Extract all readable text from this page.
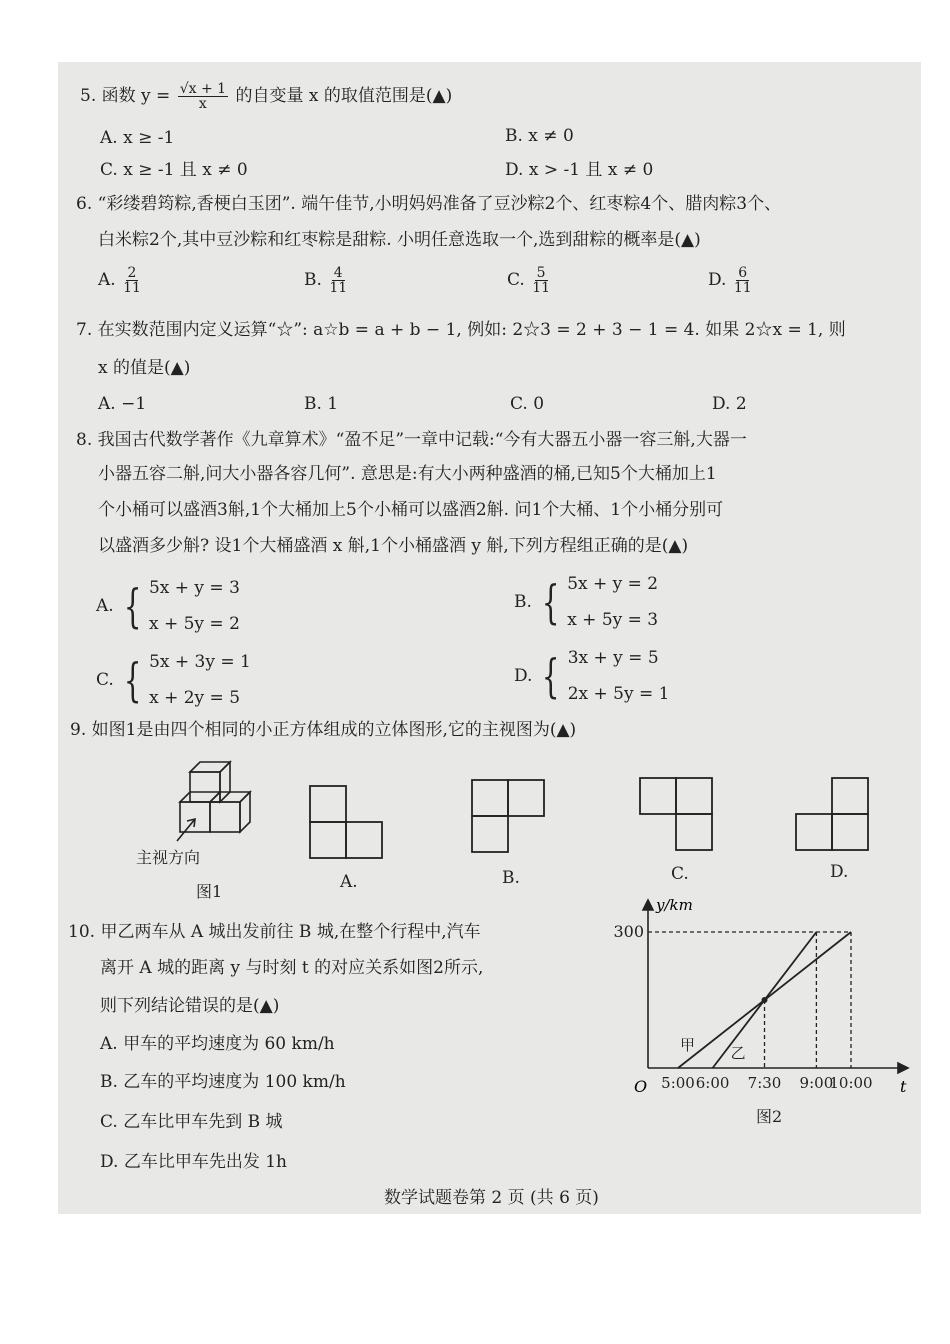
5. 函数 $y = \frac{√x + 1}{x}$ 的自变量 x 的取值范围是(▲)
A. x ≥ -1	B. x ≠ 0
C. x ≥ -1 且 x ≠ 0	D. x > -1 且 x ≠ 0
6. “彩缕碧筠粽,香梗白玉团”. 端午佳节,小明妈妈准备了豆沙粽2个、红枣粽4个、腊肉粽3个、
白米粽2个,其中豆沙粽和红枣粽是甜粽. 小明任意选取一个,选到甜粽的概率是(▲)
A. $\frac{2}{11}$	B. $\frac{4}{11}$	C. $\frac{5}{11}$	D. $\frac{6}{11}$
7. 在实数范围内定义运算“☆”: a☆b = a + b − 1, 例如: 2☆3 = 2 + 3 − 1 = 4. 如果 2☆x = 1, 则
x 的值是(▲)
A. −1	B. 1	C. 0	D. 2
8. 我国古代数学著作《九章算术》“盈不足”一章中记载:“今有大器五小器一容三斛,大器一
小器五容二斛,问大小器各容几何”. 意思是:有大小两种盛酒的桶,已知5个大桶加上1
个小桶可以盛酒3斛,1个大桶加上5个小桶可以盛酒2斛. 问1个大桶、1个小桶分别可
以盛酒多少斛? 设1个大桶盛酒 x 斛,1个小桶盛酒 y 斛,下列方程组正确的是(▲)
A. { 5x + y = 3
x + 5y = 2
B. { 5x + y = 2
x + 5y = 3
C. { 5x + 3y = 1
x + 2y = 5
D. { 3x + y = 5
2x + 5y = 1
9. 如图1是由四个相同的小正方体组成的立体图形,它的主视图为(▲)
主视方向
图1	A.	B.	C.	D.
10. 甲乙两车从 A 城出发前往 B 城,在整个行程中,汽车
离开 A 城的距离 y 与时刻 t 的对应关系如图2所示,
则下列结论错误的是(▲)
A. 甲车的平均速度为 60 km/h
B. 乙车的平均速度为 100 km/h
C. 乙车比甲车先到 B 城
D. 乙车比甲车先出发 1h
y/km
t
O 5:00 6:00 7:30 9:00
10:00
300
甲 乙
图2
数学试题卷第 2 页 (共 6 页)
